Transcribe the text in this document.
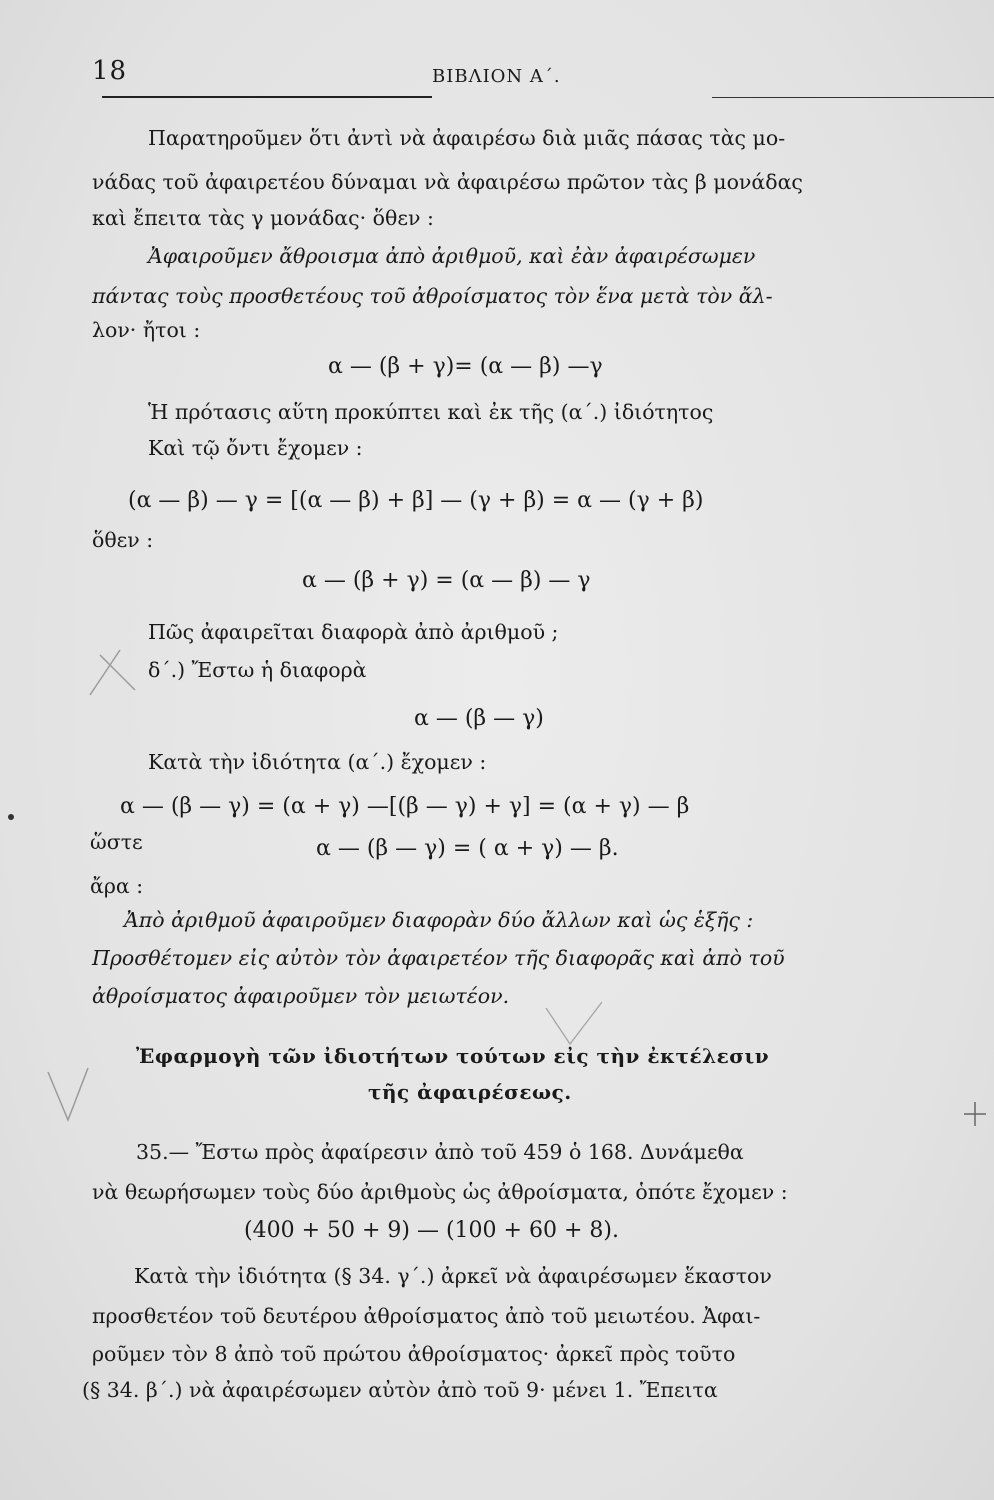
18	ΒΙΒΛΙΟΝ Α΄.
Παρατηροῦμεν ὅτι ἀντὶ νὰ ἀφαιρέσω διὰ μιᾶς πάσας τὰς μο-
νάδας τοῦ ἀφαιρετέου δύναμαι νὰ ἀφαιρέσω πρῶτον τὰς β μονάδας
καὶ ἔπειτα τὰς γ μονάδας· ὅθεν :
Ἀφαιροῦμεν ἄθροισμα ἀπὸ ἀριθμοῦ, καὶ ἐὰν ἀφαιρέσωμεν
πάντας τοὺς προσθετέους τοῦ ἀθροίσματος τὸν ἕνα μετὰ τὸν ἄλ-
λον· ἤτοι :
α — (β + γ)= (α — β) —γ
Ἡ πρότασις αὕτη προκύπτει καὶ ἐκ τῆς (α΄.) ἰδιότητος
Καὶ τῷ ὄντι ἔχομεν :
(α — β) — γ = [(α — β) + β] — (γ + β) = α — (γ + β)
ὅθεν :
α — (β + γ) = (α — β) — γ
Πῶς ἀφαιρεῖται διαφορὰ ἀπὸ ἀριθμοῦ ;
δ΄.) Ἔστω ἡ διαφορὰ
α — (β — γ)
Κατὰ τὴν ἰδιότητα (α΄.) ἔχομεν :
α — (β — γ) = (α + γ) —[(β — γ) + γ] = (α + γ) — β
ὥστε	α — (β — γ) = ( α + γ) — β.
ἄρα :
Ἀπὸ ἀριθμοῦ ἀφαιροῦμεν διαφορὰν δύο ἄλλων καὶ ὡς ἑξῆς :
Προσθέτομεν εἰς αὐτὸν τὸν ἀφαιρετέον τῆς διαφορᾶς καὶ ἀπὸ τοῦ
ἀθροίσματος ἀφαιροῦμεν τὸν μειωτέον.
Ἐφαρμογὴ τῶν ἰδιοτήτων τούτων εἰς τὴν ἐκτέλεσιν
τῆς ἀφαιρέσεως.
35.— Ἔστω πρὸς ἀφαίρεσιν ἀπὸ τοῦ 459 ὁ 168. Δυνάμεθα
νὰ θεωρήσωμεν τοὺς δύο ἀριθμοὺς ὡς ἀθροίσματα, ὁπότε ἔχομεν :
(400 + 50 + 9) — (100 + 60 + 8).
Κατὰ τὴν ἰδιότητα (§ 34. γ΄.) ἀρκεῖ νὰ ἀφαιρέσωμεν ἕκαστον
προσθετέον τοῦ δευτέρου ἀθροίσματος ἀπὸ τοῦ μειωτέου. Ἀφαι-
ροῦμεν τὸν 8 ἀπὸ τοῦ πρώτου ἀθροίσματος· ἀρκεῖ πρὸς τοῦτο
(§ 34. β΄.) νὰ ἀφαιρέσωμεν αὐτὸν ἀπὸ τοῦ 9· μένει 1. Ἔπειτα
